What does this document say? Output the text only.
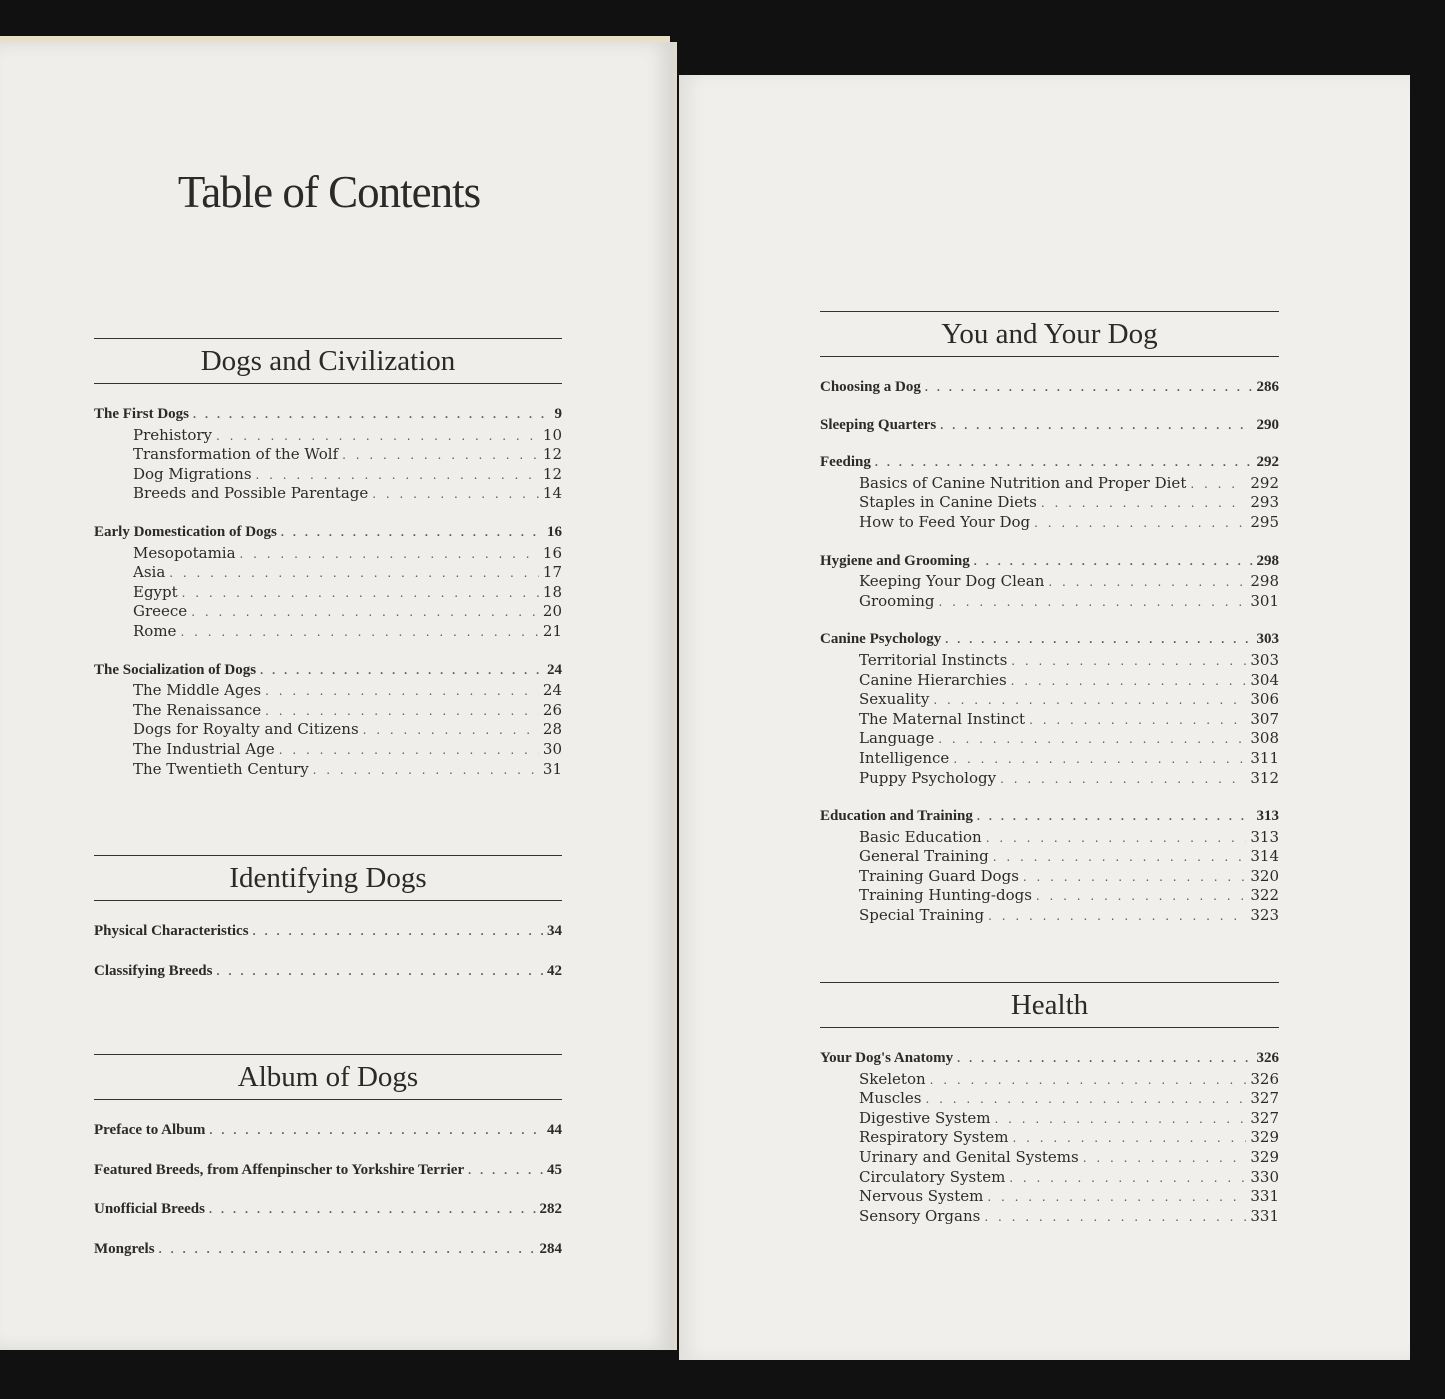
Table of Contents
Dogs and Civilization
The First Dogs . . .	9
Prehistory . . .	10
Transformation of the Wolf . . .	12
Dog Migrations . . .	12
Breeds and Possible Parentage . . .	14
Early Domestication of Dogs . . .	16
Mesopotamia . . .	16
Asia . . .	17
Egypt . . .	18
Greece . . .	20
Rome . . .	21
The Socialization of Dogs . . .	24
The Middle Ages . . .	24
The Renaissance . . .	26
Dogs for Royalty and Citizens . . .	28
The Industrial Age . . .	30
The Twentieth Century . . .	31
Identifying Dogs
Physical Characteristics . . .	34
Classifying Breeds . . .	42
Album of Dogs
Preface to Album . . .	44
Featured Breeds, from Affenpinscher to Yorkshire Terrier . . .	45
Unofficial Breeds . . .	282
Mongrels . . .	284
You and Your Dog
Choosing a Dog . . .	286
Sleeping Quarters . . .	290
Feeding . . .	292
Basics of Canine Nutrition and Proper Diet . . .	292
Staples in Canine Diets . . .	293
How to Feed Your Dog . . .	295
Hygiene and Grooming . . .	298
Keeping Your Dog Clean . . .	298
Grooming . . .	301
Canine Psychology . . .	303
Territorial Instincts . . .	303
Canine Hierarchies . . .	304
Sexuality . . .	306
The Maternal Instinct . . .	307
Language . . .	308
Intelligence . . .	311
Puppy Psychology . . .	312
Education and Training . . .	313
Basic Education . . .	313
General Training . . .	314
Training Guard Dogs . . .	320
Training Hunting-dogs . . .	322
Special Training . . .	323
Health
Your Dog's Anatomy . . .	326
Skeleton . . .	326
Muscles . . .	327
Digestive System . . .	327
Respiratory System . . .	329
Urinary and Genital Systems . . .	329
Circulatory System . . .	330
Nervous System . . .	331
Sensory Organs . . .	331
